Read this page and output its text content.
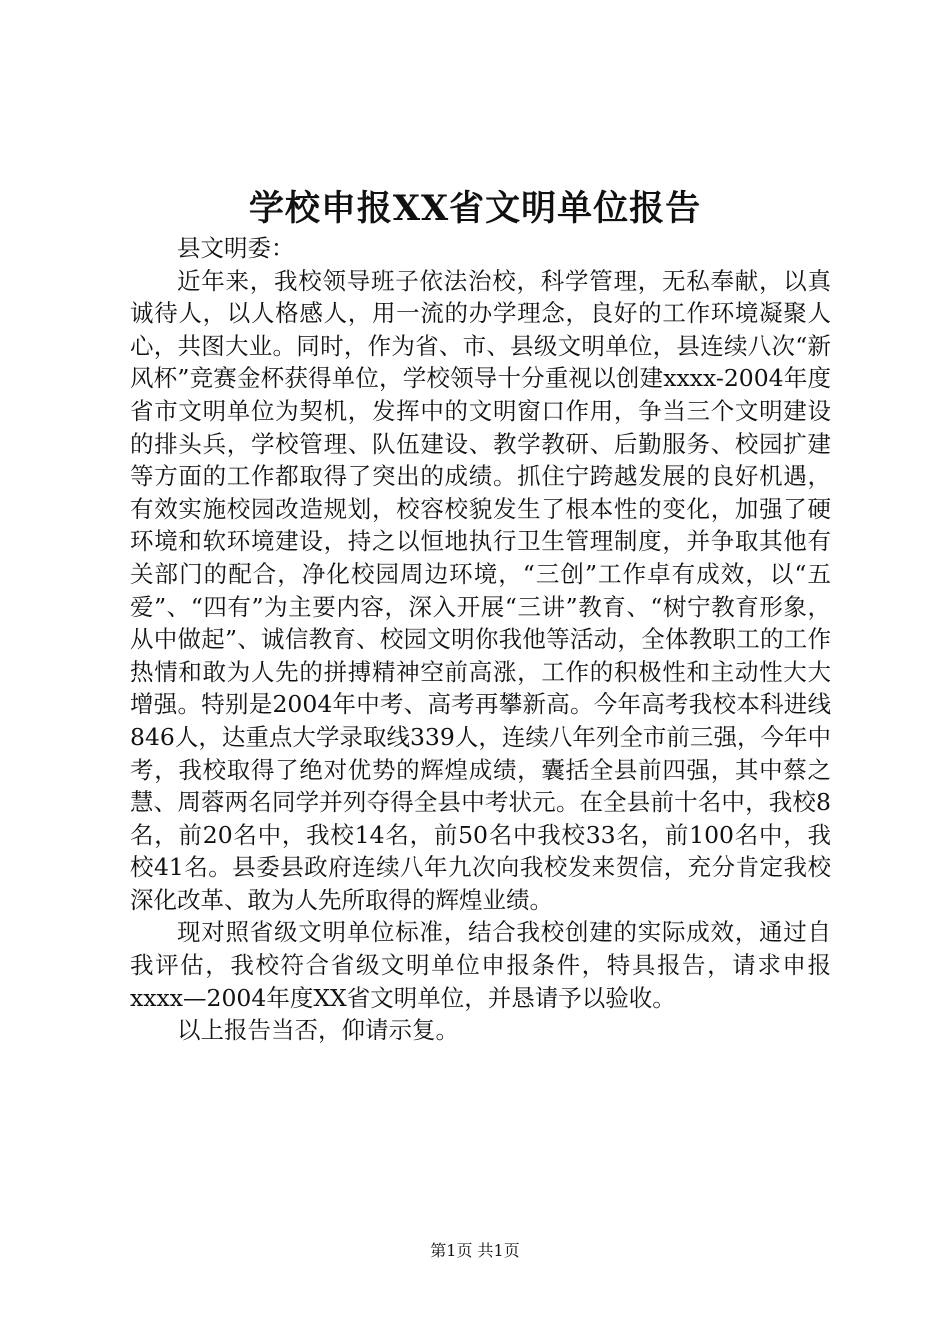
学校申报XX省文明单位报告

县文明委：

近年来，我校领导班子依法治校，科学管理，无私奉献，以真诚待人，以人格感人，用一流的办学理念，良好的工作环境凝聚人心，共图大业。同时，作为省、市、县级文明单位，县连续八次“新风杯”竞赛金杯获得单位，学校领导十分重视以创建xxxx-2004年度省市文明单位为契机，发挥中的文明窗口作用，争当三个文明建设的排头兵，学校管理、队伍建设、教学教研、后勤服务、校园扩建等方面的工作都取得了突出的成绩。抓住宁跨越发展的良好机遇，有效实施校园改造规划，校容校貌发生了根本性的变化，加强了硬环境和软环境建设，持之以恒地执行卫生管理制度，并争取其他有关部门的配合，净化校园周边环境，“三创”工作卓有成效，以“五爱”、“四有”为主要内容，深入开展“三讲”教育、“树宁教育形象，从中做起”、诚信教育、校园文明你我他等活动，全体教职工的工作热情和敢为人先的拼搏精神空前高涨，工作的积极性和主动性大大增强。特别是2004年中考、高考再攀新高。今年高考我校本科进线846人，达重点大学录取线339人，连续八年列全市前三强，今年中考，我校取得了绝对优势的辉煌成绩，囊括全县前四强，其中蔡之慧、周蓉两名同学并列夺得全县中考状元。在全县前十名中，我校8名，前20名中，我校14名，前50名中我校33名，前100名中，我校41名。县委县政府连续八年九次向我校发来贺信，充分肯定我校深化改革、敢为人先所取得的辉煌业绩。

现对照省级文明单位标准，结合我校创建的实际成效，通过自我评估，我校符合省级文明单位申报条件，特具报告，请求申报xxxx—2004年度XX省文明单位，并恳请予以验收。

以上报告当否，仰请示复。

第1页 共1页
